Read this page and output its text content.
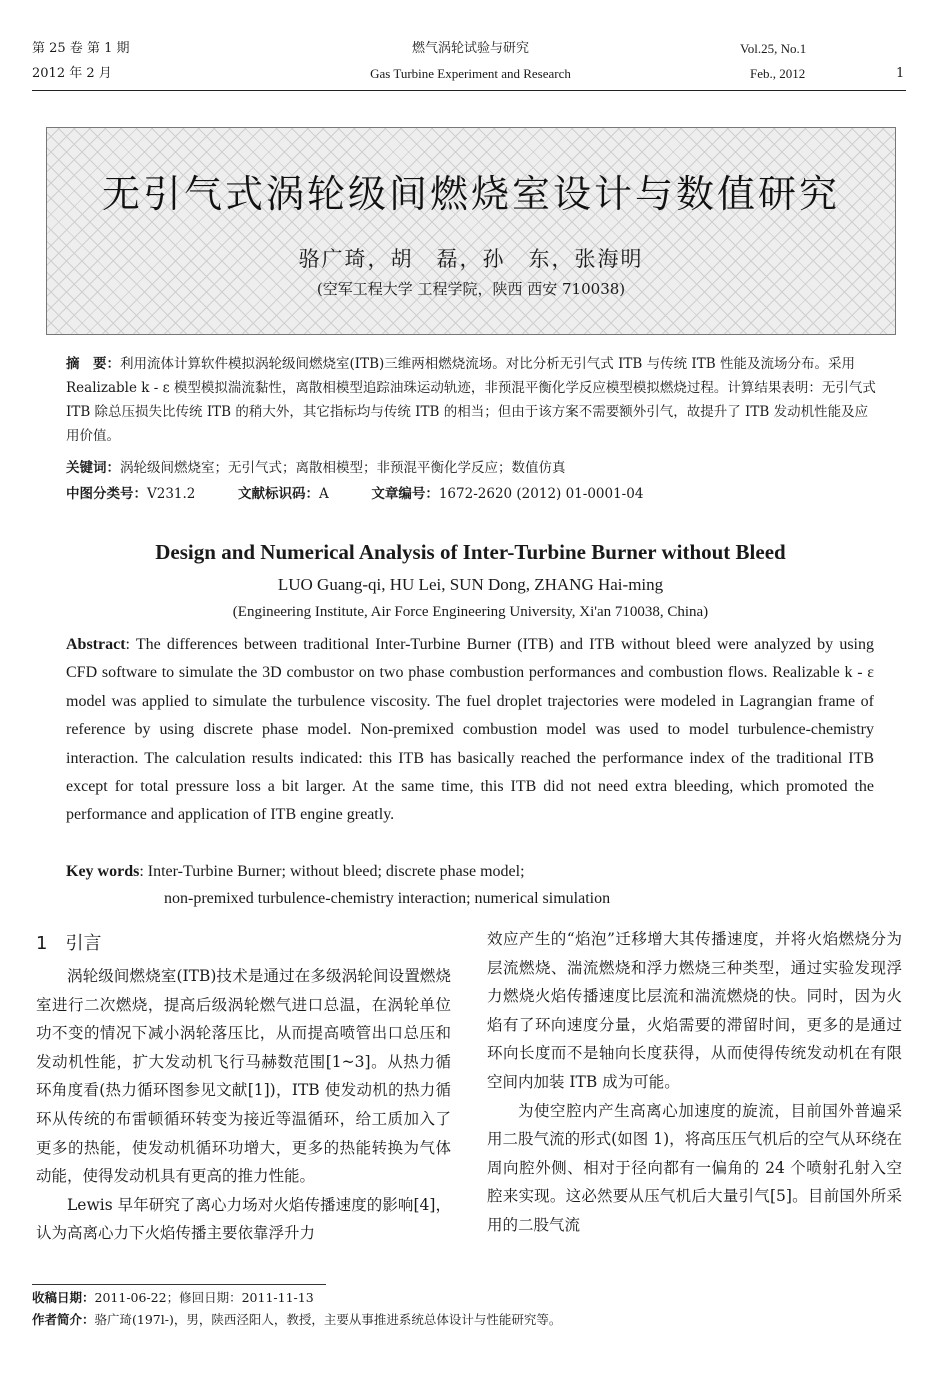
第 25 卷 第 1 期
2012 年 2 月
燃气涡轮试验与研究
Gas Turbine Experiment and Research
Vol.25, No.1
Feb., 2012	1
无引气式涡轮级间燃烧室设计与数值研究
骆广琦，胡　磊，孙　东，张海明
(空军工程大学 工程学院，陕西 西安 710038)
摘　要：利用流体计算软件模拟涡轮级间燃烧室(ITB)三维两相燃烧流场。对比分析无引气式 ITB 与传统 ITB 性能及流场分布。采用 Realizable k - ε 模型模拟湍流黏性，离散相模型追踪油珠运动轨迹，非预混平衡化学反应模型模拟燃烧过程。计算结果表明：无引气式 ITB 除总压损失比传统 ITB 的稍大外，其它指标均与传统 ITB 的相当；但由于该方案不需要额外引气，故提升了 ITB 发动机性能及应用价值。
关键词：涡轮级间燃烧室；无引气式；离散相模型；非预混平衡化学反应；数值仿真
中图分类号：V231.2	文献标识码：A	文章编号：1672-2620 (2012) 01-0001-04
Design and Numerical Analysis of Inter-Turbine Burner without Bleed
LUO Guang-qi, HU Lei, SUN Dong, ZHANG Hai-ming
(Engineering Institute, Air Force Engineering University, Xi'an 710038, China)
Abstract: The differences between traditional Inter-Turbine Burner (ITB) and ITB without bleed were analyzed by using CFD software to simulate the 3D combustor on two phase combustion performances and combustion flows. Realizable k - ε model was applied to simulate the turbulence viscosity. The fuel droplet trajectories were modeled in Lagrangian frame of reference by using discrete phase model. Non-premixed combustion model was used to model turbulence-chemistry interaction. The calculation results indicated: this ITB has basically reached the performance index of the traditional ITB except for total pressure loss a bit larger. At the same time, this ITB did not need extra bleeding, which promoted the performance and application of ITB engine greatly.
Key words: Inter-Turbine Burner; without bleed; discrete phase model;
non-premixed turbulence-chemistry interaction; numerical simulation
1　引言

涡轮级间燃烧室(ITB)技术是通过在多级涡轮间设置燃烧室进行二次燃烧，提高后级涡轮燃气进口总温，在涡轮单位功不变的情况下减小涡轮落压比，从而提高喷管出口总压和发动机性能，扩大发动机飞行马赫数范围[1~3]。从热力循环角度看(热力循环图参见文献[1])，ITB 使发动机的热力循环从传统的布雷顿循环转变为接近等温循环，给工质加入了更多的热能，使发动机循环功增大，更多的热能转换为气体动能，使得发动机具有更高的推力性能。

Lewis 早年研究了离心力场对火焰传播速度的影响[4]，认为高离心力下火焰传播主要依靠浮升力

效应产生的“焰泡”迁移增大其传播速度，并将火焰燃烧分为层流燃烧、湍流燃烧和浮力燃烧三种类型，通过实验发现浮力燃烧火焰传播速度比层流和湍流燃烧的快。同时，因为火焰有了环向速度分量，火焰需要的滞留时间，更多的是通过环向长度而不是轴向长度获得，从而使得传统发动机在有限空间内加装 ITB 成为可能。

为使空腔内产生高离心加速度的旋流，目前国外普遍采用二股气流的形式(如图 1)，将高压压气机后的空气从环绕在周向腔外侧、相对于径向都有一偏角的 24 个喷射孔射入空腔来实现。这必然要从压气机后大量引气[5]。目前国外所采用的二股气流

收稿日期：2011-06-22；修回日期：2011-11-13
作者简介：骆广琦(197l-)，男，陕西泾阳人，教授，主要从事推进系统总体设计与性能研究等。
